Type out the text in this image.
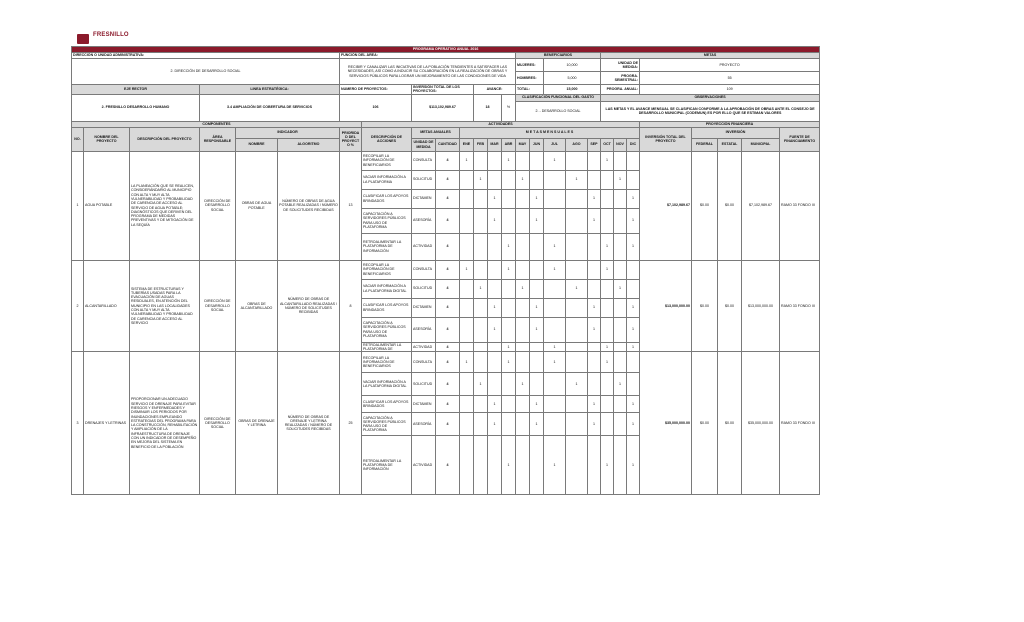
FRESNILLO
PROGRAMA OPERATIVO ANUAL 2016																										
DIRECCIÓN O UNIDAD ADMINISTRATIVA:						FUNCIÓN DEL ÁREA:								BENEFICIARIOS					METAS							
2. DIRECCIÓN DE DESARROLLO SOCIAL						RECIBIR Y CANALIZAR LAS INICIATIVAS DE LA POBLACIÓN TENDIENTES A SATISFACER LAS NECESIDADES, ASÍ COMO A INDUCIR SU COLABORACIÓN EN LA REALIZACIÓN DE OBRAS Y SERVICIOS PÚBLICOS PARA LOGRAR UN MEJORAMIENTO DE LAS CONDICIONES DE VIDA								MUJERES:		10,000			UNIDAD DE MEDIDA:			PROYECTO				
														HOMBRES:		5,000			PROGRA. SEMESTRAL:			55				
EJE RECTOR			LINEA ESTRATÉGICA:			NUMERO DE PROYECTOS:		INVERSIÓN TOTAL DE LOS PROYECTOS:			AVANCE:			TOTAL:		15,000			PROGRA. ANUAL:			109				
2. FRESNILLO DESARROLLO HUMANO			3.4 AMPLIACIÓN DE COBERTURA DE SERVICIOS			106		$113,102,989.67			18		%	CLASIFICACIÓN FUNCIONAL DEL GASTO					OBSERVACIONES							
														2. - DESARROLLO SOCIAL					LAS METAS Y EL AVANCE MENSUAL SE CLASIFICAN CONFORME A LA APROBACIÓN DE OBRAS ANTE EL CONSEJO DE DESARROLLO MUNICIPAL (CODEMUN) ES POR ELLO QUE SE ESTIMAN VALORES							
COMPONENTES							ACTIVIDADES															PROYECCIÓN FINANCIERA				
NO.	NOMBRE DEL PROYECTO	DESCRIPCIÓN DEL PROYECTO	ÁREA RESPONSABLE	INDICADOR		PRIORIDAD DEL PROYECTO %	DESCRIPCIÓN DE ACCIONES	METAS ANUALES		M E T A S M E N S U A L E S												INVERSIÓN TOTAL DEL PROYECTO	INVERSIÓN			FUENTE DE FINANCIAMIENTO
				NOMBRE	ALGORITMO			UNIDAD DE MEDIDA	CANTIDAD	ENE	FEB	MAR	ABR	MAY	JUN	JUL	AGO	SEP	OCT	NOV	DIC		FEDERAL	ESTATAL	MUNICIPAL	
1	AGUA POTABLE	LA PLANEACIÓN QUE SE REALICEN, CONSIDERÁNDARIO AL MUNICIPIO CON ALTA Y MUY ALTA VULNERABILIDAD Y PROBABILIDAD DE CARENCIA DE ACCESO AL SERVICIO DE AGUA POTABLE; DIAGNÓSTICOS QUE DERIVEN DEL PROGRAMA DE MEDIDAS PREVENTIVAS Y DE MITIGACIÓN DE LA SEQUÍA	DIRECCIÓN DE DESARROLLO SOCIAL	OBRAS DE AGUA POTABLE	NÚMERO DE OBRAS DE AGUA POTABLE REALIZADAS / NÚMERO DE SOLICITUDES RECIBIDAS	13	RECOPILAR LA INFORMACIÓN DE BENEFICIARIOS	CONSULTA	4	1			1			1			1			$7,102,989.67	$0.00	$0.00	$7,102,989.67	RAMO 33 FONDO III
							VACIAR INFORMACIÓN A LA PLATAFORMA	SOLICITUD	4		1			1			1			1						
							CLASIFICAR LOS APOYOS BRINDADOS	DICTAMEN	4			1			1			1			1					
							CAPACITACIÓN A SERVIDORES PÚBLICOS PARA USO DE PLATAFORMA	ASESORÍA	4			1			1			1			1					
							RETROALIMENTAR LA PLATAFORMA DE INFORMACIÓN	ACTIVIDAD	4				1			1			1		1					
2	ALCANTARILLADO	SISTEMA DE ESTRUCTURAS Y TUBERÍAS USADAS PARA LA EVACUACIÓN DE AGUAS RESIDUALES, EN ATENCIÓN DEL MUNICIPIO EN LAS LOCALIDADES CON ALTA Y MUY ALTA VULNERABILIDAD Y PROBABILIDAD DE CARENCIA DE ACCESO AL SERVICIO	DIRECCIÓN DE DESARROLLO SOCIAL	OBRAS DE ALCANTARILLADO	NÚMERO DE OBRAS DE ALCANTARILLADO REALIZADAS / NÚMERO DE SOLICITUDES RECIBIDAS	8	RECOPILAR LA INFORMACIÓN DE BENEFICIARIOS	CONSULTA	4	1			1			1			1			$13,000,000.00	$0.00	$0.00	$13,000,000.00	RAMO 33 FONDO III
							VACIAR INFORMACIÓN A LA PLATAFORMA DIGITAL	SOLICITUD	4		1			1			1			1						
							CLASIFICAR LOS APOYOS BRINDADOS	DICTAMEN	4			1			1			1			1					
							CAPACITACIÓN A SERVIDORES PÚBLICOS PARA USO DE PLATAFORMA	ASESORÍA	4			1			1			1			1					
							RETROALIMENTAR LA PLATAFORMA DE	ACTIVIDAD	4				1			1			1		1					
3	DRENAJES Y LETRINAS	PROPORCIONAR UN ADECUADO SERVICIO DE DRENAJE PARA EVITAR RIESGOS Y ENFERMEDADES Y DISMINUIR LOS PERIODOS POR INUNDACIONES EMPLEANDO ESTRATEGIAS DEL PROGRAMA PARA LA CONSTRUCCIÓN, REHABILITACIÓN Y AMPLIACIÓN DE LA INFRAESTRUCTURA DE DRENAJE CON UN INDICADOR DE DESEMPEÑO EN MEJORA DEL SISTEMA EN BENEFICIO DE LA POBLACIÓN	DIRECCIÓN DE DESARROLLO SOCIAL	OBRAS DE DRENAJE Y LETRINA	NÚMERO DE OBRAS DE DRENAJE Y LETRINA REALIZADAS / NÚMERO DE SOLICITUDES RECIBIDAS	25	RECOPILAR LA INFORMACIÓN DE BENEFICIARIOS	CONSULTA	4	1			1			1			1			$35,000,000.00	$0.00	$0.00	$35,000,000.00	RAMO 33 FONDO III
							VACIAR INFORMACIÓN A LA PLATAFORMA DIGITAL	SOLICITUD	4		1			1			1			1						
							CLASIFICAR LOS APOYOS BRINDADOS	DICTAMEN	4			1			1			1			1					
							CAPACITACIÓN A SERVIDORES PÚBLICOS PARA USO DE PLATAFORMA	ASESORÍA	4			1			1			1			1					
							RETROALIMENTAR LA PLATAFORMA DE INFORMACIÓN	ACTIVIDAD	4				1			1			1		1					
